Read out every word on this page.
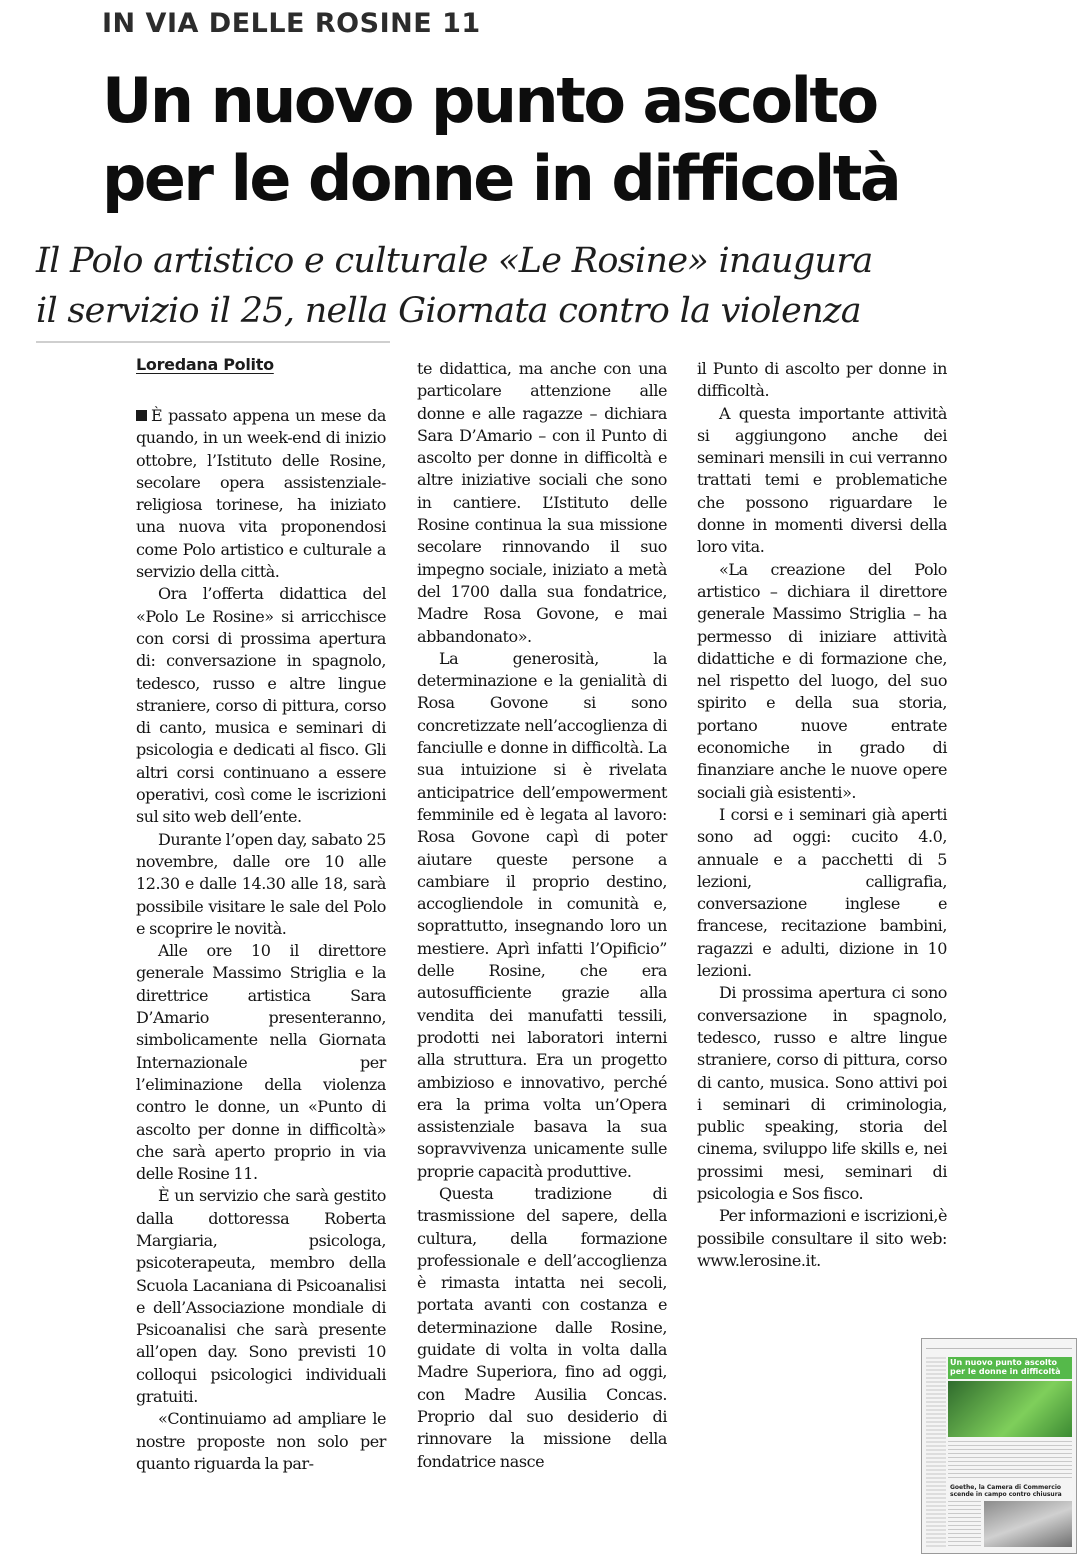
IN VIA DELLE ROSINE 11
Un nuovo punto ascolto
per le donne in difficoltà
Il Polo artistico e culturale «Le Rosine» inaugura
il servizio il 25, nella Giornata contro la violenza
Loredana Polito

È passato appena un mese da quando, in un week-end di inizio ottobre, l’Istituto delle Rosine, secolare opera assistenziale-religiosa torinese, ha iniziato una nuova vita proponendosi come Polo artistico e culturale a servizio della città.

Ora l’offerta didattica del «Polo Le Rosine» si arricchisce con corsi di prossima apertura di: conversazione in spagnolo, tedesco, russo e altre lingue straniere, corso di pittura, corso di canto, musica e seminari di psicologia e dedicati al fisco. Gli altri corsi continuano a essere operativi, così come le iscrizioni sul sito web dell’ente.

Durante l’open day, sabato 25 novembre, dalle ore 10 alle 12.30 e dalle 14.30 alle 18, sarà possibile visitare le sale del Polo e scoprire le novità.

Alle ore 10 il direttore generale Massimo Striglia e la direttrice artistica Sara D’Amario presenteranno, simbolicamente nella Giornata Internazionale per l’eliminazione della violenza contro le donne, un «Punto di ascolto per donne in difficoltà» che sarà aperto proprio in via delle Rosine 11.

È un servizio che sarà gestito dalla dottoressa Roberta Margiaria, psicologa, psicoterapeuta, membro della Scuola Lacaniana di Psicoanalisi e dell’Associazione mondiale di Psicoanalisi che sarà presente all’open day. Sono previsti 10 colloqui psicologici individuali gratuiti.

«Continuiamo ad ampliare le nostre proposte non solo per quanto riguarda la par-

te didattica, ma anche con una particolare attenzione alle donne e alle ragazze – dichiara Sara D’Amario – con il Punto di ascolto per donne in difficoltà e altre iniziative sociali che sono in cantiere. L’Istituto delle Rosine continua la sua missione secolare rinnovando il suo impegno sociale, iniziato a metà del 1700 dalla sua fondatrice, Madre Rosa Govone, e mai abbandonato».

La generosità, la determinazione e la genialità di Rosa Govone si sono concretizzate nell’accoglienza di fanciulle e donne in difficoltà. La sua intuizione si è rivelata anticipatrice dell’empowerment femminile ed è legata al lavoro: Rosa Govone capì di poter aiutare queste persone a cambiare il proprio destino, accogliendole in comunità e, soprattutto, insegnando loro un mestiere. Aprì infatti l’Opificio” delle Rosine, che era autosufficiente grazie alla vendita dei manufatti tessili, prodotti nei laboratori interni alla struttura. Era un progetto ambizioso e innovativo, perché era la prima volta un’Opera assistenziale basava la sua sopravvivenza unicamente sulle proprie capacità produttive.

Questa tradizione di trasmissione del sapere, della cultura, della formazione professionale e dell’accoglienza è rimasta intatta nei secoli, portata avanti con costanza e determinazione dalle Rosine, guidate di volta in volta dalla Madre Superiora, fino ad oggi, con Madre Ausilia Concas. Proprio dal suo desiderio di rinnovare la missione della fondatrice nasce

il Punto di ascolto per donne in difficoltà.

A questa importante attività si aggiungono anche dei seminari mensili in cui verranno trattati temi e problematiche che possono riguardare le donne in momenti diversi della loro vita.

«La creazione del Polo artistico – dichiara il direttore generale Massimo Striglia – ha permesso di iniziare attività didattiche e di formazione che, nel rispetto del luogo, del suo spirito e della sua storia, portano nuove entrate economiche in grado di finanziare anche le nuove opere sociali già esistenti».

I corsi e i seminari già aperti sono ad oggi: cucito 4.0, annuale e a pacchetti di 5 lezioni, calligrafia, conversazione inglese e francese, recitazione bambini, ragazzi e adulti, dizione in 10 lezioni.

Di prossima apertura ci sono conversazione in spagnolo, tedesco, russo e altre lingue straniere, corso di pittura, corso di canto, musica. Sono attivi poi i seminari di criminologia, public speaking, storia del cinema, sviluppo life skills e, nei prossimi mesi, seminari di psicologia e Sos fisco.

Per informazioni e iscrizioni,è possibile consultare il sito web: www.lerosine.it.

Un nuovo punto ascolto per le donne in difficoltà
Goethe, la Camera di Commercio scende in campo contro chiusura
